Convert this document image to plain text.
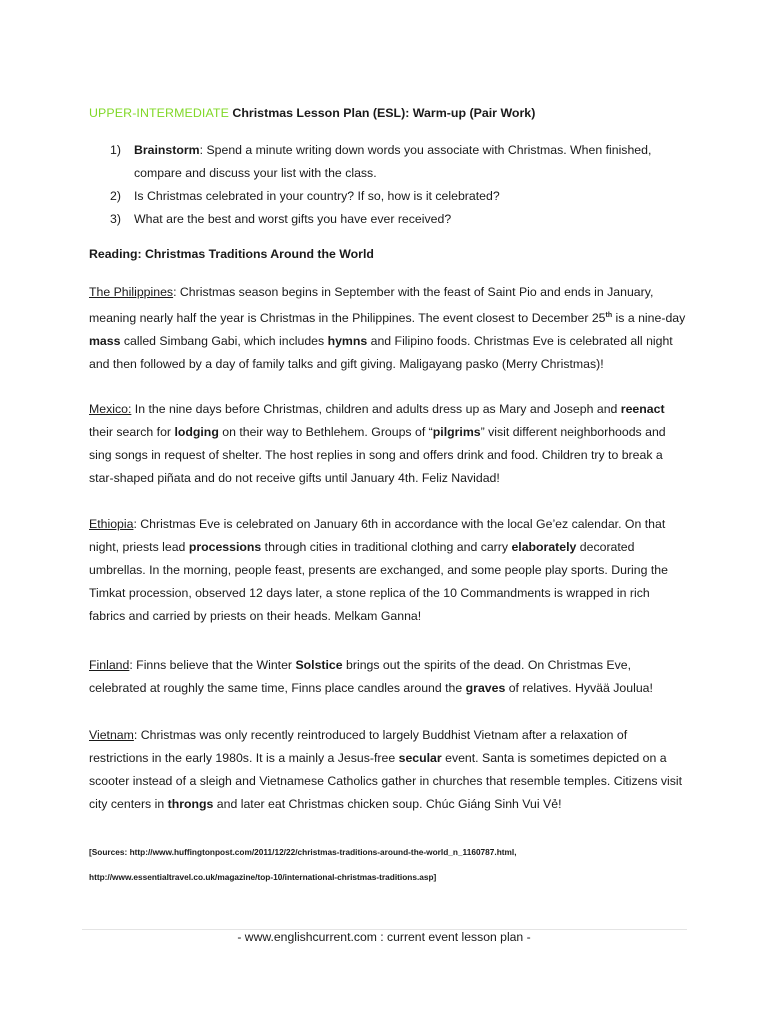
UPPER-INTERMEDIATE Christmas Lesson Plan (ESL): Warm-up (Pair Work)
1) Brainstorm: Spend a minute writing down words you associate with Christmas. When finished, compare and discuss your list with the class.
2) Is Christmas celebrated in your country? If so, how is it celebrated?
3) What are the best and worst gifts you have ever received?
Reading: Christmas Traditions Around the World

The Philippines: Christmas season begins in September with the feast of Saint Pio and ends in January, meaning nearly half the year is Christmas in the Philippines. The event closest to December 25th is a nine-day mass called Simbang Gabi, which includes hymns and Filipino foods. Christmas Eve is celebrated all night and then followed by a day of family talks and gift giving. Maligayang pasko (Merry Christmas)!

Mexico: In the nine days before Christmas, children and adults dress up as Mary and Joseph and reenact their search for lodging on their way to Bethlehem. Groups of “pilgrims” visit different neighborhoods and sing songs in request of shelter. The host replies in song and offers drink and food. Children try to break a star-shaped piñata and do not receive gifts until January 4th. Feliz Navidad!

Ethiopia: Christmas Eve is celebrated on January 6th in accordance with the local Ge’ez calendar. On that night, priests lead processions through cities in traditional clothing and carry elaborately decorated umbrellas. In the morning, people feast, presents are exchanged, and some people play sports. During the Timkat procession, observed 12 days later, a stone replica of the 10 Commandments is wrapped in rich fabrics and carried by priests on their heads. Melkam Ganna!

Finland: Finns believe that the Winter Solstice brings out the spirits of the dead. On Christmas Eve, celebrated at roughly the same time, Finns place candles around the graves of relatives. Hyvää Joulua!

Vietnam: Christmas was only recently reintroduced to largely Buddhist Vietnam after a relaxation of restrictions in the early 1980s. It is a mainly a Jesus-free secular event. Santa is sometimes depicted on a scooter instead of a sleigh and Vietnamese Catholics gather in churches that resemble temples. Citizens visit city centers in throngs and later eat Christmas chicken soup. Chúc Giáng Sinh Vui Vẻ!

[Sources: http://www.huffingtonpost.com/2011/12/22/christmas-traditions-around-the-world_n_1160787.html,
http://www.essentialtravel.co.uk/magazine/top-10/international-christmas-traditions.asp]
- www.englishcurrent.com : current event lesson plan -
